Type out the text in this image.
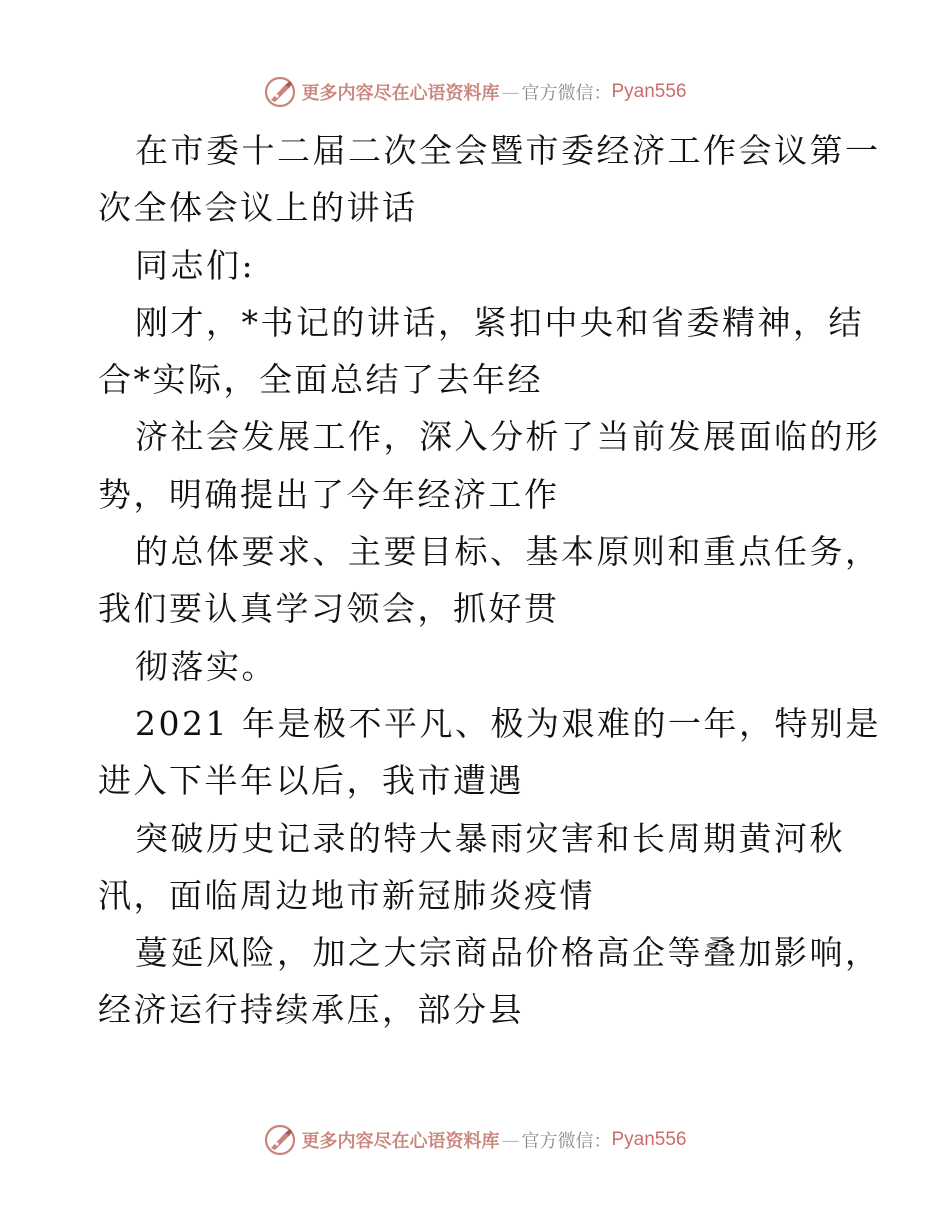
更多内容尽在心语资料库 — 官方微信： Pyan556
在市委十二届二次全会暨市委经济工作会议第一
次全体会议上的讲话
同志们:
刚才，*书记的讲话，紧扣中央和省委精神，结
合*实际，全面总结了去年经
济社会发展工作，深入分析了当前发展面临的形
势，明确提出了今年经济工作
的总体要求、主要目标、基本原则和重点任务，
我们要认真学习领会，抓好贯
彻落实。
2021 年是极不平凡、极为艰难的一年，特别是
进入下半年以后，我市遭遇
突破历史记录的特大暴雨灾害和长周期黄河秋
汛，面临周边地市新冠肺炎疫情
蔓延风险，加之大宗商品价格高企等叠加影响，
经济运行持续承压，部分县
更多内容尽在心语资料库 — 官方微信： Pyan556
